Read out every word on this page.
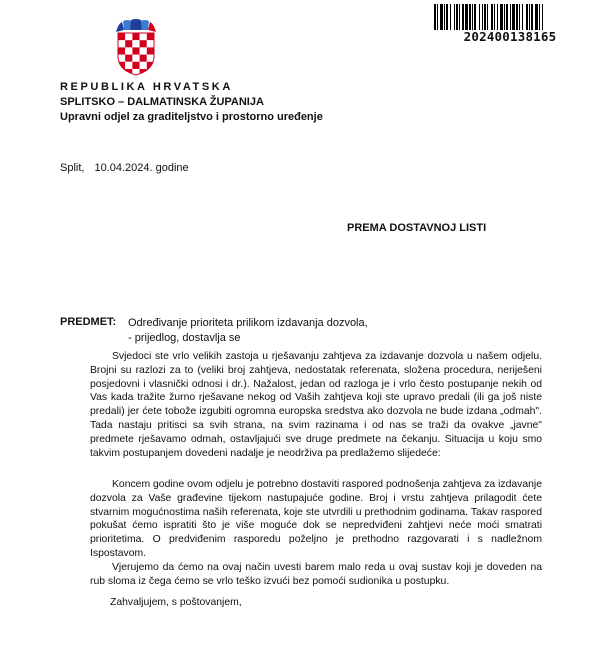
202400138165
REPUBLIKA HRVATSKA
SPLITSKO – DALMATINSKA ŽUPANIJA
Upravni odjel za graditeljstvo i prostorno uređenje
Split, 10.04.2024. godine
PREMA DOSTAVNOJ LISTI
PREDMET: Određivanje prioriteta prilikom izdavanja dozvola,
- prijedlog, dostavlja se
Svjedoci ste vrlo velikih zastoja u rješavanju zahtjeva za izdavanje dozvola u našem odjelu. Brojni su razlozi za to (veliki broj zahtjeva, nedostatak referenata, složena procedura, neriješeni posjedovni i vlasnički odnosi i dr.). Nažalost, jedan od razloga je i vrlo često postupanje nekih od Vas kada tražite žurno rješavane nekog od Vaših zahtjeva koji ste upravo predali (ili ga još niste predali) jer ćete tobože izgubiti ogromna europska sredstva ako dozvola ne bude izdana „odmah". Tada nastaju pritisci sa svih strana, na svim razinama i od nas se traži da ovakve „javne" predmete rješavamo odmah, ostavljajući sve druge predmete na čekanju. Situacija u koju smo takvim postupanjem dovedeni nadalje je neodrživa pa predlažemo slijedeće:
Koncem godine ovom odjelu je potrebno dostaviti raspored podnošenja zahtjeva za izdavanje dozvola za Vaše građevine tijekom nastupajuće godine. Broj i vrstu zahtjeva prilagodit ćete stvarnim mogućnostima naših referenata, koje ste utvrdili u prethodnim godinama. Takav raspored pokušat ćemo ispratiti što je više moguće dok se nepredviđeni zahtjevi neće moći smatrati prioritetima. O predviđenim rasporedu poželjno je prethodno razgovarati i s nadležnom Ispostavom.
Vjerujemo da ćemo na ovaj način uvesti barem malo reda u ovaj sustav koji je doveden na rub sloma iz čega ćemo se vrlo teško izvući bez pomoći sudionika u postupku.
Zahvaljujem, s poštovanjem,
